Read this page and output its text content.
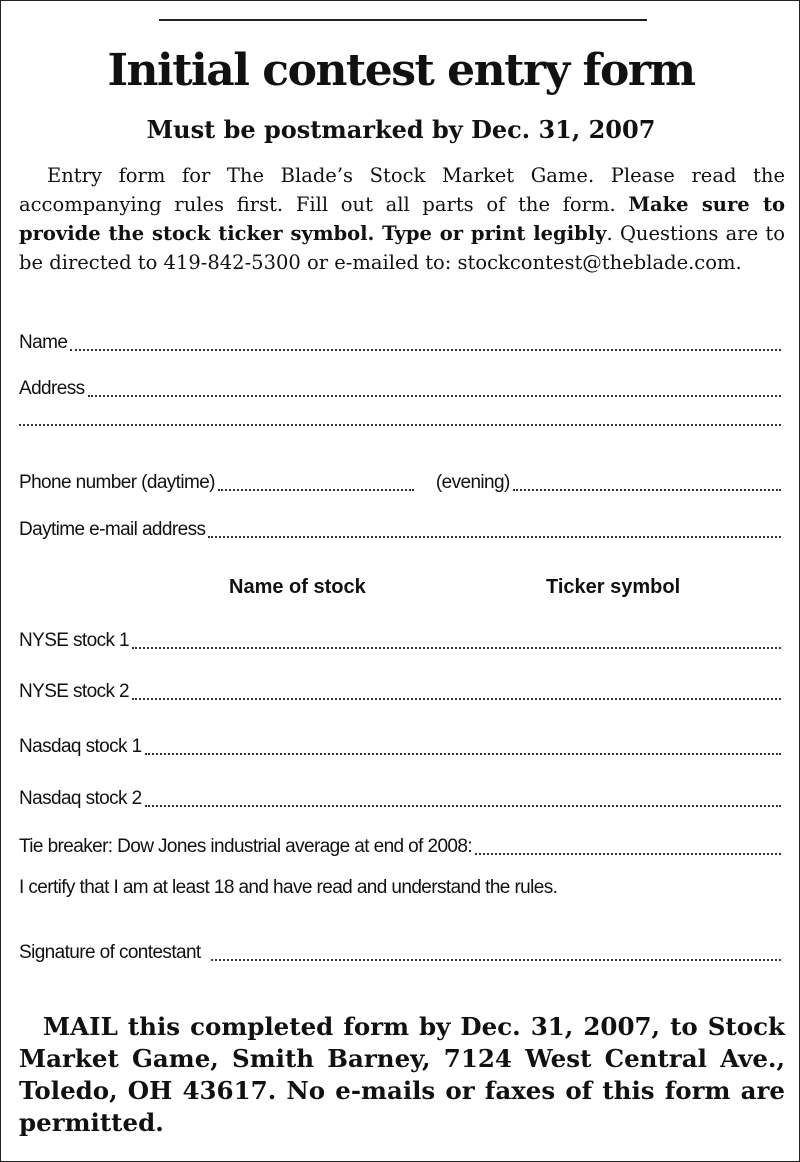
Initial contest entry form
Must be postmarked by Dec. 31, 2007
Entry form for The Blade’s Stock Market Game. Please read the accompanying rules first. Fill out all parts of the form. Make sure to provide the stock ticker symbol. Type or print legibly. Questions are to be directed to 419-842-5300 or e-mailed to: stockcontest@theblade.com.
Name
Address
Phone number (daytime)	(evening)
Daytime e-mail address
Name of stock	Ticker symbol
NYSE stock 1
NYSE stock 2
Nasdaq stock 1
Nasdaq stock 2
Tie breaker: Dow Jones industrial average at end of 2008:
I certify that I am at least 18 and have read and understand the rules.
Signature of contestant
MAIL this completed form by Dec. 31, 2007, to Stock Market Game, Smith Barney, 7124 West Central Ave., Toledo, OH 43617. No e-mails or faxes of this form are permitted.
